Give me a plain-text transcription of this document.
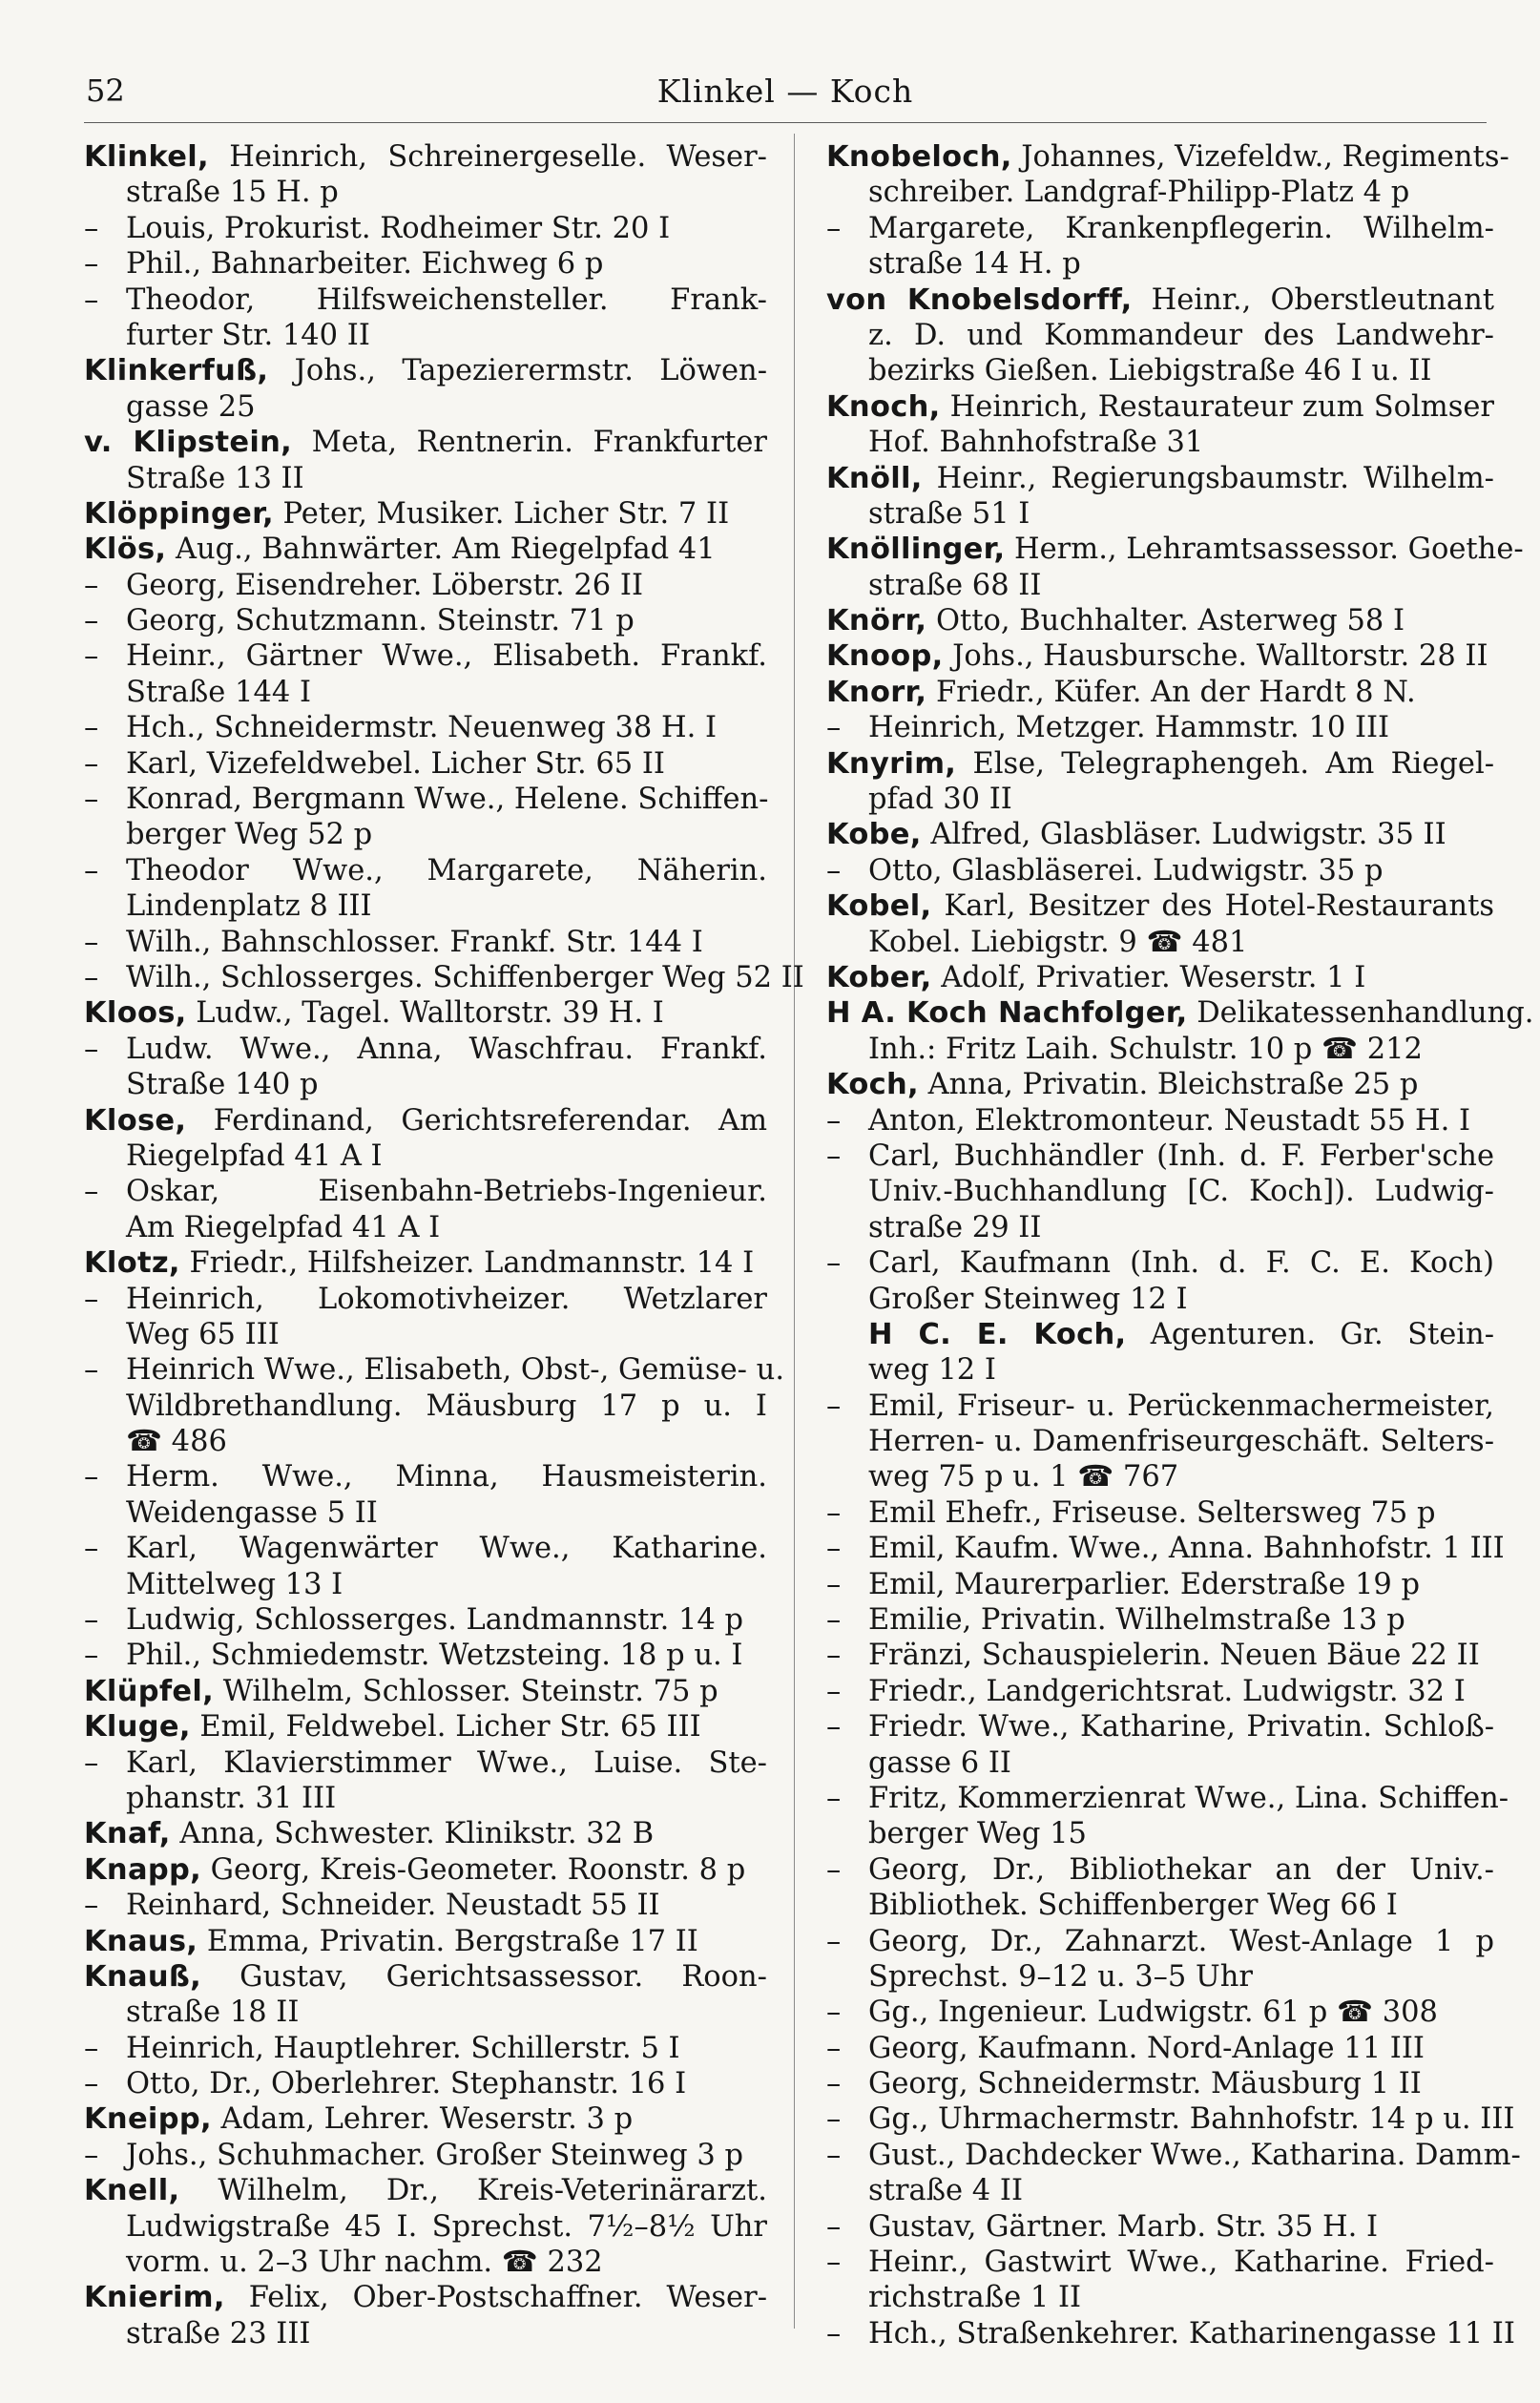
52	Klinkel — Koch
Klinkel, Heinrich, Schreinergeselle. Weser-
straße 15 H. p
– Louis, Prokurist. Rodheimer Str. 20 I
– Phil., Bahnarbeiter. Eichweg 6 p
– Theodor, Hilfsweichensteller. Frank-
furter Str. 140 II
Klinkerfuß, Johs., Tapezierermstr. Löwen-
gasse 25
v. Klipstein, Meta, Rentnerin. Frankfurter
Straße 13 II
Klöppinger, Peter, Musiker. Licher Str. 7 II
Klös, Aug., Bahnwärter. Am Riegelpfad 41
– Georg, Eisendreher. Löberstr. 26 II
– Georg, Schutzmann. Steinstr. 71 p
– Heinr., Gärtner Wwe., Elisabeth. Frankf.
Straße 144 I
– Hch., Schneidermstr. Neuenweg 38 H. I
– Karl, Vizefeldwebel. Licher Str. 65 II
– Konrad, Bergmann Wwe., Helene. Schiffen-
berger Weg 52 p
– Theodor Wwe., Margarete, Näherin.
Lindenplatz 8 III
– Wilh., Bahnschlosser. Frankf. Str. 144 I
– Wilh., Schlosserges. Schiffenberger Weg 52 II
Kloos, Ludw., Tagel. Walltorstr. 39 H. I
– Ludw. Wwe., Anna, Waschfrau. Frankf.
Straße 140 p
Klose, Ferdinand, Gerichtsreferendar. Am
Riegelpfad 41 A I
– Oskar, Eisenbahn-Betriebs-Ingenieur.
Am Riegelpfad 41 A I
Klotz, Friedr., Hilfsheizer. Landmannstr. 14 I
– Heinrich, Lokomotivheizer. Wetzlarer
Weg 65 III
– Heinrich Wwe., Elisabeth, Obst-, Gemüse- u.
Wildbrethandlung. Mäusburg 17 p u. I
☎ 486
– Herm. Wwe., Minna, Hausmeisterin.
Weidengasse 5 II
– Karl, Wagenwärter Wwe., Katharine.
Mittelweg 13 I
– Ludwig, Schlosserges. Landmannstr. 14 p
– Phil., Schmiedemstr. Wetzsteing. 18 p u. I
Klüpfel, Wilhelm, Schlosser. Steinstr. 75 p
Kluge, Emil, Feldwebel. Licher Str. 65 III
– Karl, Klavierstimmer Wwe., Luise. Ste-
phanstr. 31 III
Knaf, Anna, Schwester. Klinikstr. 32 B
Knapp, Georg, Kreis-Geometer. Roonstr. 8 p
– Reinhard, Schneider. Neustadt 55 II
Knaus, Emma, Privatin. Bergstraße 17 II
Knauß, Gustav, Gerichtsassessor. Roon-
straße 18 II
– Heinrich, Hauptlehrer. Schillerstr. 5 I
– Otto, Dr., Oberlehrer. Stephanstr. 16 I
Kneipp, Adam, Lehrer. Weserstr. 3 p
– Johs., Schuhmacher. Großer Steinweg 3 p
Knell, Wilhelm, Dr., Kreis-Veterinärarzt.
Ludwigstraße 45 I. Sprechst. 7½–8½ Uhr
vorm. u. 2–3 Uhr nachm. ☎ 232
Knierim, Felix, Ober-Postschaffner. Weser-
straße 23 III
Knobeloch, Johannes, Vizefeldw., Regiments-
schreiber. Landgraf-Philipp-Platz 4 p
– Margarete, Krankenpflegerin. Wilhelm-
straße 14 H. p
von Knobelsdorff, Heinr., Oberstleutnant
z. D. und Kommandeur des Landwehr-
bezirks Gießen. Liebigstraße 46 I u. II
Knoch, Heinrich, Restaurateur zum Solmser
Hof. Bahnhofstraße 31
Knöll, Heinr., Regierungsbaumstr. Wilhelm-
straße 51 I
Knöllinger, Herm., Lehramtsassessor. Goethe-
straße 68 II
Knörr, Otto, Buchhalter. Asterweg 58 I
Knoop, Johs., Hausbursche. Walltorstr. 28 II
Knorr, Friedr., Küfer. An der Hardt 8 N.
– Heinrich, Metzger. Hammstr. 10 III
Knyrim, Else, Telegraphengeh. Am Riegel-
pfad 30 II
Kobe, Alfred, Glasbläser. Ludwigstr. 35 II
– Otto, Glasbläserei. Ludwigstr. 35 p
Kobel, Karl, Besitzer des Hotel-Restaurants
Kobel. Liebigstr. 9 ☎ 481
Kober, Adolf, Privatier. Weserstr. 1 I
H A. Koch Nachfolger, Delikatessenhandlung.
Inh.: Fritz Laih. Schulstr. 10 p ☎ 212
Koch, Anna, Privatin. Bleichstraße 25 p
– Anton, Elektromonteur. Neustadt 55 H. I
– Carl, Buchhändler (Inh. d. F. Ferber'sche
Univ.-Buchhandlung [C. Koch]). Ludwig-
straße 29 II
– Carl, Kaufmann (Inh. d. F. C. E. Koch)
Großer Steinweg 12 I
H C. E. Koch, Agenturen. Gr. Stein-
weg 12 I
– Emil, Friseur- u. Perückenmachermeister,
Herren- u. Damenfriseurgeschäft. Selters-
weg 75 p u. 1 ☎ 767
– Emil Ehefr., Friseuse. Seltersweg 75 p
– Emil, Kaufm. Wwe., Anna. Bahnhofstr. 1 III
– Emil, Maurerparlier. Ederstraße 19 p
– Emilie, Privatin. Wilhelmstraße 13 p
– Fränzi, Schauspielerin. Neuen Bäue 22 II
– Friedr., Landgerichtsrat. Ludwigstr. 32 I
– Friedr. Wwe., Katharine, Privatin. Schloß-
gasse 6 II
– Fritz, Kommerzienrat Wwe., Lina. Schiffen-
berger Weg 15
– Georg, Dr., Bibliothekar an der Univ.-
Bibliothek. Schiffenberger Weg 66 I
– Georg, Dr., Zahnarzt. West-Anlage 1 p
Sprechst. 9–12 u. 3–5 Uhr
– Gg., Ingenieur. Ludwigstr. 61 p ☎ 308
– Georg, Kaufmann. Nord-Anlage 11 III
– Georg, Schneidermstr. Mäusburg 1 II
– Gg., Uhrmachermstr. Bahnhofstr. 14 p u. III
– Gust., Dachdecker Wwe., Katharina. Damm-
straße 4 II
– Gustav, Gärtner. Marb. Str. 35 H. I
– Heinr., Gastwirt Wwe., Katharine. Fried-
richstraße 1 II
– Hch., Straßenkehrer. Katharinengasse 11 II
